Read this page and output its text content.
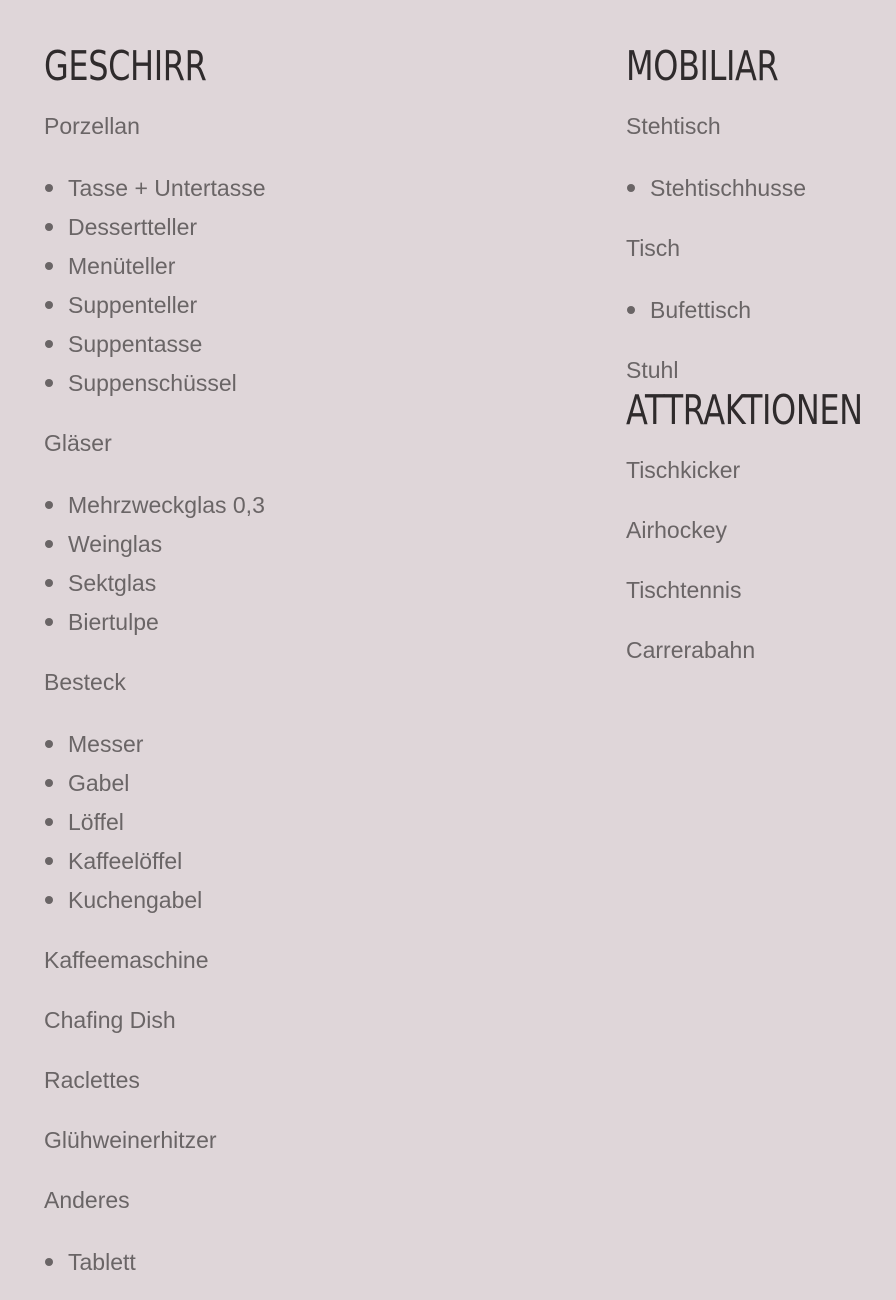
GESCHIRR

Porzellan

Tasse + Untertasse
Dessertteller
Menüteller
Suppenteller
Suppentasse
Suppenschüssel

Gläser

Mehrzweckglas 0,3
Weinglas
Sektglas
Biertulpe

Besteck

Messer
Gabel
Löffel
Kaffeelöffel
Kuchengabel

Kaffeemaschine

Chafing Dish

Raclettes

Glühweinerhitzer

Anderes

Tablett
MOBILIAR

Stehtisch

Stehtischhusse

Tisch

Bufettisch

Stuhl

ATTRAKTIONEN

Tischkicker

Airhockey

Tischtennis

Carrerabahn
